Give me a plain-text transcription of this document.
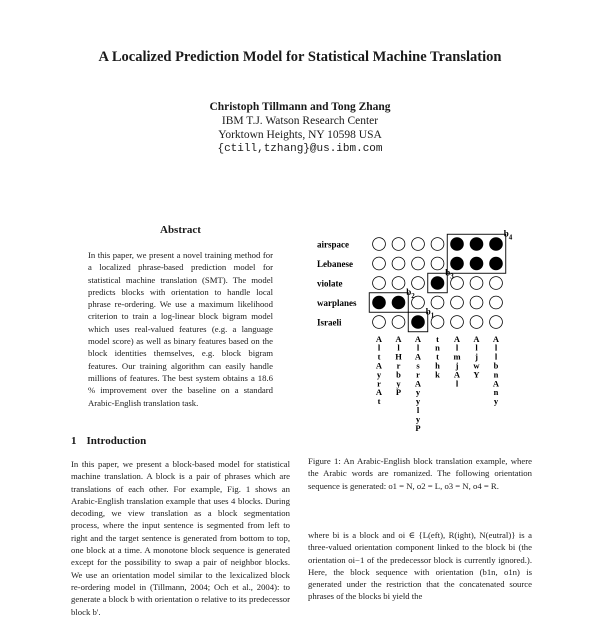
A Localized Prediction Model for Statistical Machine Translation
Christoph Tillmann and Tong Zhang
IBM T.J. Watson Research Center
Yorktown Heights, NY 10598 USA
{ctill,tzhang}@us.ibm.com
Abstract
In this paper, we present a novel training method for a localized phrase-based prediction model for statistical machine translation (SMT). The model predicts blocks with orientation to handle local phrase re-ordering. We use a maximum likelihood criterion to train a log-linear block bigram model which uses real-valued features (e.g. a language model score) as well as binary features based on the block identities themselves, e.g. block bigram features. Our training algorithm can easily handle millions of features. The best system obtains a 18.6 % improvement over the baseline on a standard Arabic-English translation task.
1 Introduction
In this paper, we present a block-based model for statistical machine translation. A block is a pair of phrases which are translations of each other. For example, Fig. 1 shows an Arabic-English translation example that uses 4 blocks. During decoding, we view translation as a block segmentation process, where the input sentence is segmented from left to right and the target sentence is generated from bottom to top, one block at a time. A monotone block sequence is generated except for the possibility to swap a pair of neighbor blocks. We use an orientation model similar to the lexicalized block re-ordering model in (Tillmann, 2004; Och et al., 2004): to generate a block b with orientation o relative to its predecessor block b'.
airspace
Lebanese
violate
warplanes
Israeli
$b_1$
$b_2$
$b_3$
$b_4$
A l t A y r A t
A l H r b y P
A l A s r A y y l y P
t n t h k
A l m j A l
A l j w Y
A l l b n A n y
Figure 1: An Arabic-English block translation example, where the Arabic words are romanized. The following orientation sequence is generated: o1 = N, o2 = L, o3 = N, o4 = R.
where bi is a block and oi ∈ {L(eft), R(ight), N(eutral)} is a three-valued orientation component linked to the block bi (the orientation oi−1 of the predecessor block is currently ignored.). Here, the block sequence with orientation (b1n, o1n) is generated under the restriction that the concatenated source phrases of the blocks bi yield the
